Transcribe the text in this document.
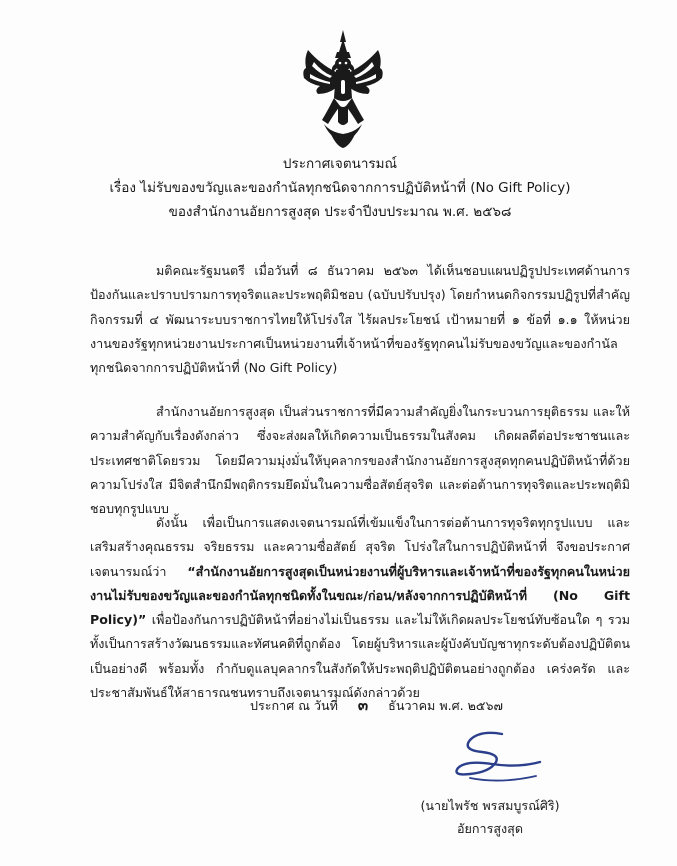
ประกาศเจตนารมณ์
เรื่อง ไม่รับของขวัญและของกำนัลทุกชนิดจากการปฏิบัติหน้าที่ (No Gift Policy)
ของสำนักงานอัยการสูงสุด ประจำปีงบประมาณ พ.ศ. ๒๕๖๘

มติคณะรัฐมนตรี เมื่อวันที่ ๘ ธันวาคม ๒๕๖๓ ได้เห็นชอบแผนปฏิรูปประเทศด้านการป้องกันและปราบปรามการทุจริตและประพฤติมิชอบ (ฉบับปรับปรุง) โดยกำหนดกิจกรรมปฏิรูปที่สำคัญ กิจกรรมที่ ๔ พัฒนาระบบราชการไทยให้โปร่งใส ไร้ผลประโยชน์ เป้าหมายที่ ๑ ข้อที่ ๑.๑ ให้หน่วยงานของรัฐทุกหน่วยงานประกาศเป็นหน่วยงานที่เจ้าหน้าที่ของรัฐทุกคนไม่รับของขวัญและของกำนัลทุกชนิดจากการปฏิบัติหน้าที่ (No Gift Policy)

สำนักงานอัยการสูงสุด เป็นส่วนราชการที่มีความสำคัญยิ่งในกระบวนการยุติธรรม และให้ความสำคัญกับเรื่องดังกล่าว ซึ่งจะส่งผลให้เกิดความเป็นธรรมในสังคม เกิดผลดีต่อประชาชนและประเทศชาติโดยรวม โดยมีความมุ่งมั่นให้บุคลากรของสำนักงานอัยการสูงสุดทุกคนปฏิบัติหน้าที่ด้วยความโปร่งใส มีจิตสำนึกมีพฤติกรรมยึดมั่นในความซื่อสัตย์สุจริต และต่อต้านการทุจริตและประพฤติมิชอบทุกรูปแบบ

ดังนั้น เพื่อเป็นการแสดงเจตนารมณ์ที่เข้มแข็งในการต่อต้านการทุจริตทุกรูปแบบ และเสริมสร้างคุณธรรม จริยธรรม และความซื่อสัตย์ สุจริต โปร่งใสในการปฏิบัติหน้าที่ จึงขอประกาศเจตนารมณ์ว่า “สำนักงานอัยการสูงสุดเป็นหน่วยงานที่ผู้บริหารและเจ้าหน้าที่ของรัฐทุกคนในหน่วยงานไม่รับของขวัญและของกำนัลทุกชนิดทั้งในขณะ/ก่อน/หลังจากการปฏิบัติหน้าที่ (No Gift Policy)” เพื่อป้องกันการปฏิบัติหน้าที่อย่างไม่เป็นธรรม และไม่ให้เกิดผลประโยชน์ทับซ้อนใด ๆ รวมทั้งเป็นการสร้างวัฒนธรรมและทัศนคติที่ถูกต้อง โดยผู้บริหารและผู้บังคับบัญชาทุกระดับต้องปฏิบัติตนเป็นอย่างดี พร้อมทั้ง กำกับดูแลบุคลากรในสังกัดให้ประพฤติปฏิบัติตนอย่างถูกต้อง เคร่งครัด และประชาสัมพันธ์ให้สาธารณชนทราบถึงเจตนารมณ์ดังกล่าวด้วย

ประกาศ ณ วันที่ ๓ ธันวาคม พ.ศ. ๒๕๖๗
(นายไพรัช พรสมบูรณ์ศิริ)
อัยการสูงสุด
